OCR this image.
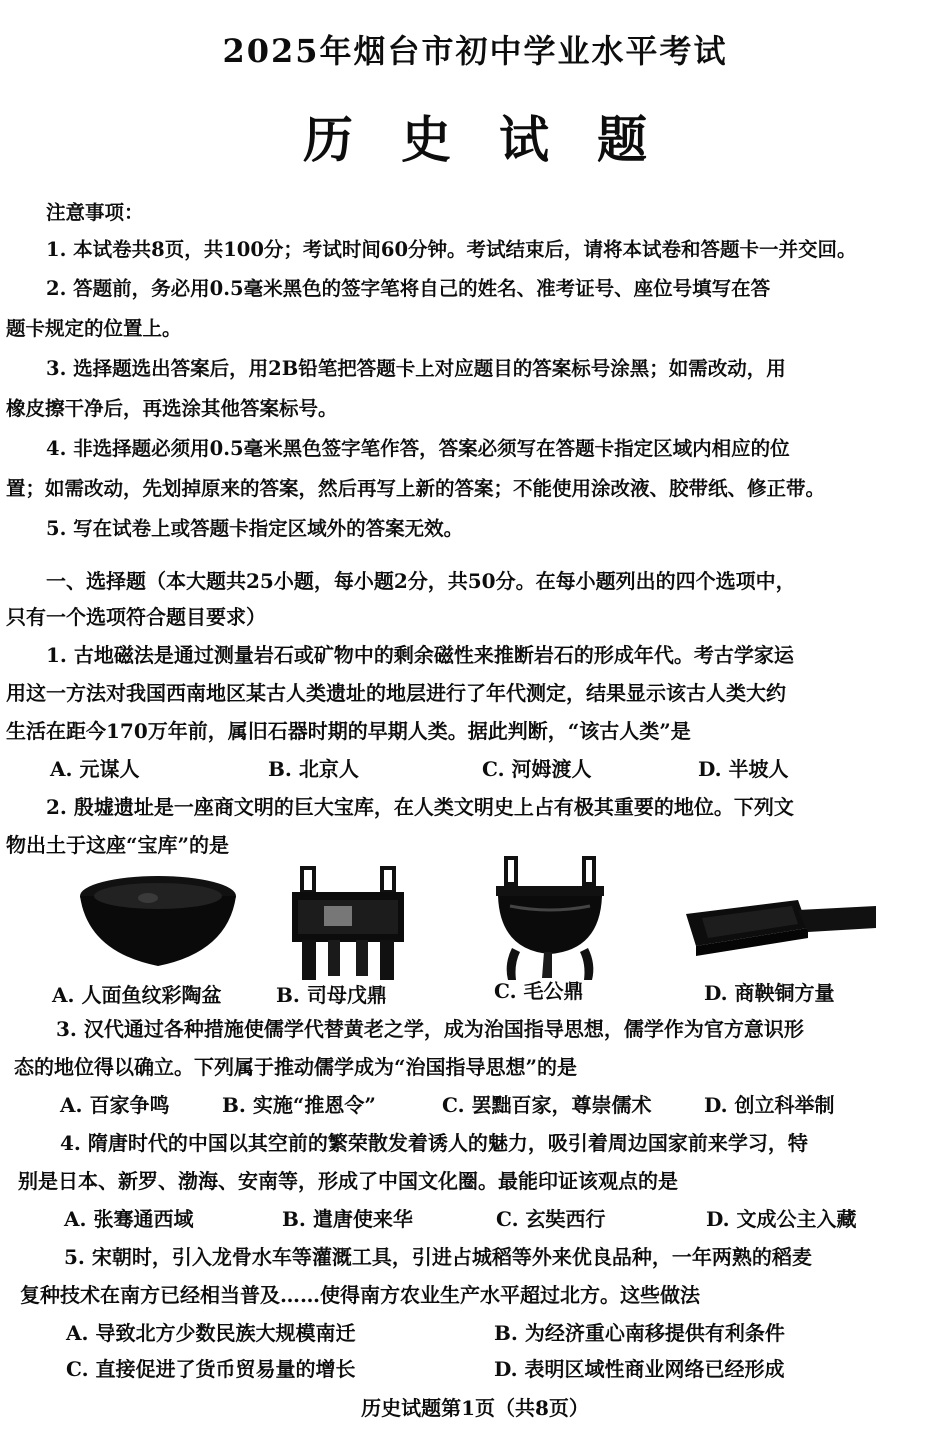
2025年烟台市初中学业水平考试
历史试题
注意事项：
1. 本试卷共8页，共100分；考试时间60分钟。考试结束后，请将本试卷和答题卡一并交回。
2. 答题前，务必用0.5毫米黑色的签字笔将自己的姓名、准考证号、座位号填写在答
题卡规定的位置上。
3. 选择题选出答案后，用2B铅笔把答题卡上对应题目的答案标号涂黑；如需改动，用
橡皮擦干净后，再选涂其他答案标号。
4. 非选择题必须用0.5毫米黑色签字笔作答，答案必须写在答题卡指定区域内相应的位
置；如需改动，先划掉原来的答案，然后再写上新的答案；不能使用涂改液、胶带纸、修正带。
5. 写在试卷上或答题卡指定区域外的答案无效。
一、选择题（本大题共25小题，每小题2分，共50分。在每小题列出的四个选项中，
只有一个选项符合题目要求）
1. 古地磁法是通过测量岩石或矿物中的剩余磁性来推断岩石的形成年代。考古学家运
用这一方法对我国西南地区某古人类遗址的地层进行了年代测定，结果显示该古人类大约
生活在距今170万年前，属旧石器时期的早期人类。据此判断，“该古人类”是
A. 元谋人	B. 北京人	C. 河姆渡人	D. 半坡人
2. 殷墟遗址是一座商文明的巨大宝库，在人类文明史上占有极其重要的地位。下列文
物出土于这座“宝库”的是
A. 人面鱼纹彩陶盆	B. 司母戊鼎	C. 毛公鼎	D. 商鞅铜方量
3. 汉代通过各种措施使儒学代替黄老之学，成为治国指导思想，儒学作为官方意识形
态的地位得以确立。下列属于推动儒学成为“治国指导思想”的是
A. 百家争鸣	B. 实施“推恩令”	C. 罢黜百家，尊崇儒术	D. 创立科举制
4. 隋唐时代的中国以其空前的繁荣散发着诱人的魅力，吸引着周边国家前来学习，特
别是日本、新罗、渤海、安南等，形成了中国文化圈。最能印证该观点的是
A. 张骞通西域	B. 遣唐使来华	C. 玄奘西行	D. 文成公主入藏
5. 宋朝时，引入龙骨水车等灌溉工具，引进占城稻等外来优良品种，一年两熟的稻麦
复种技术在南方已经相当普及……使得南方农业生产水平超过北方。这些做法
A. 导致北方少数民族大规模南迁	B. 为经济重心南移提供有利条件
C. 直接促进了货币贸易量的增长	D. 表明区域性商业网络已经形成
历史试题第1页（共8页）
